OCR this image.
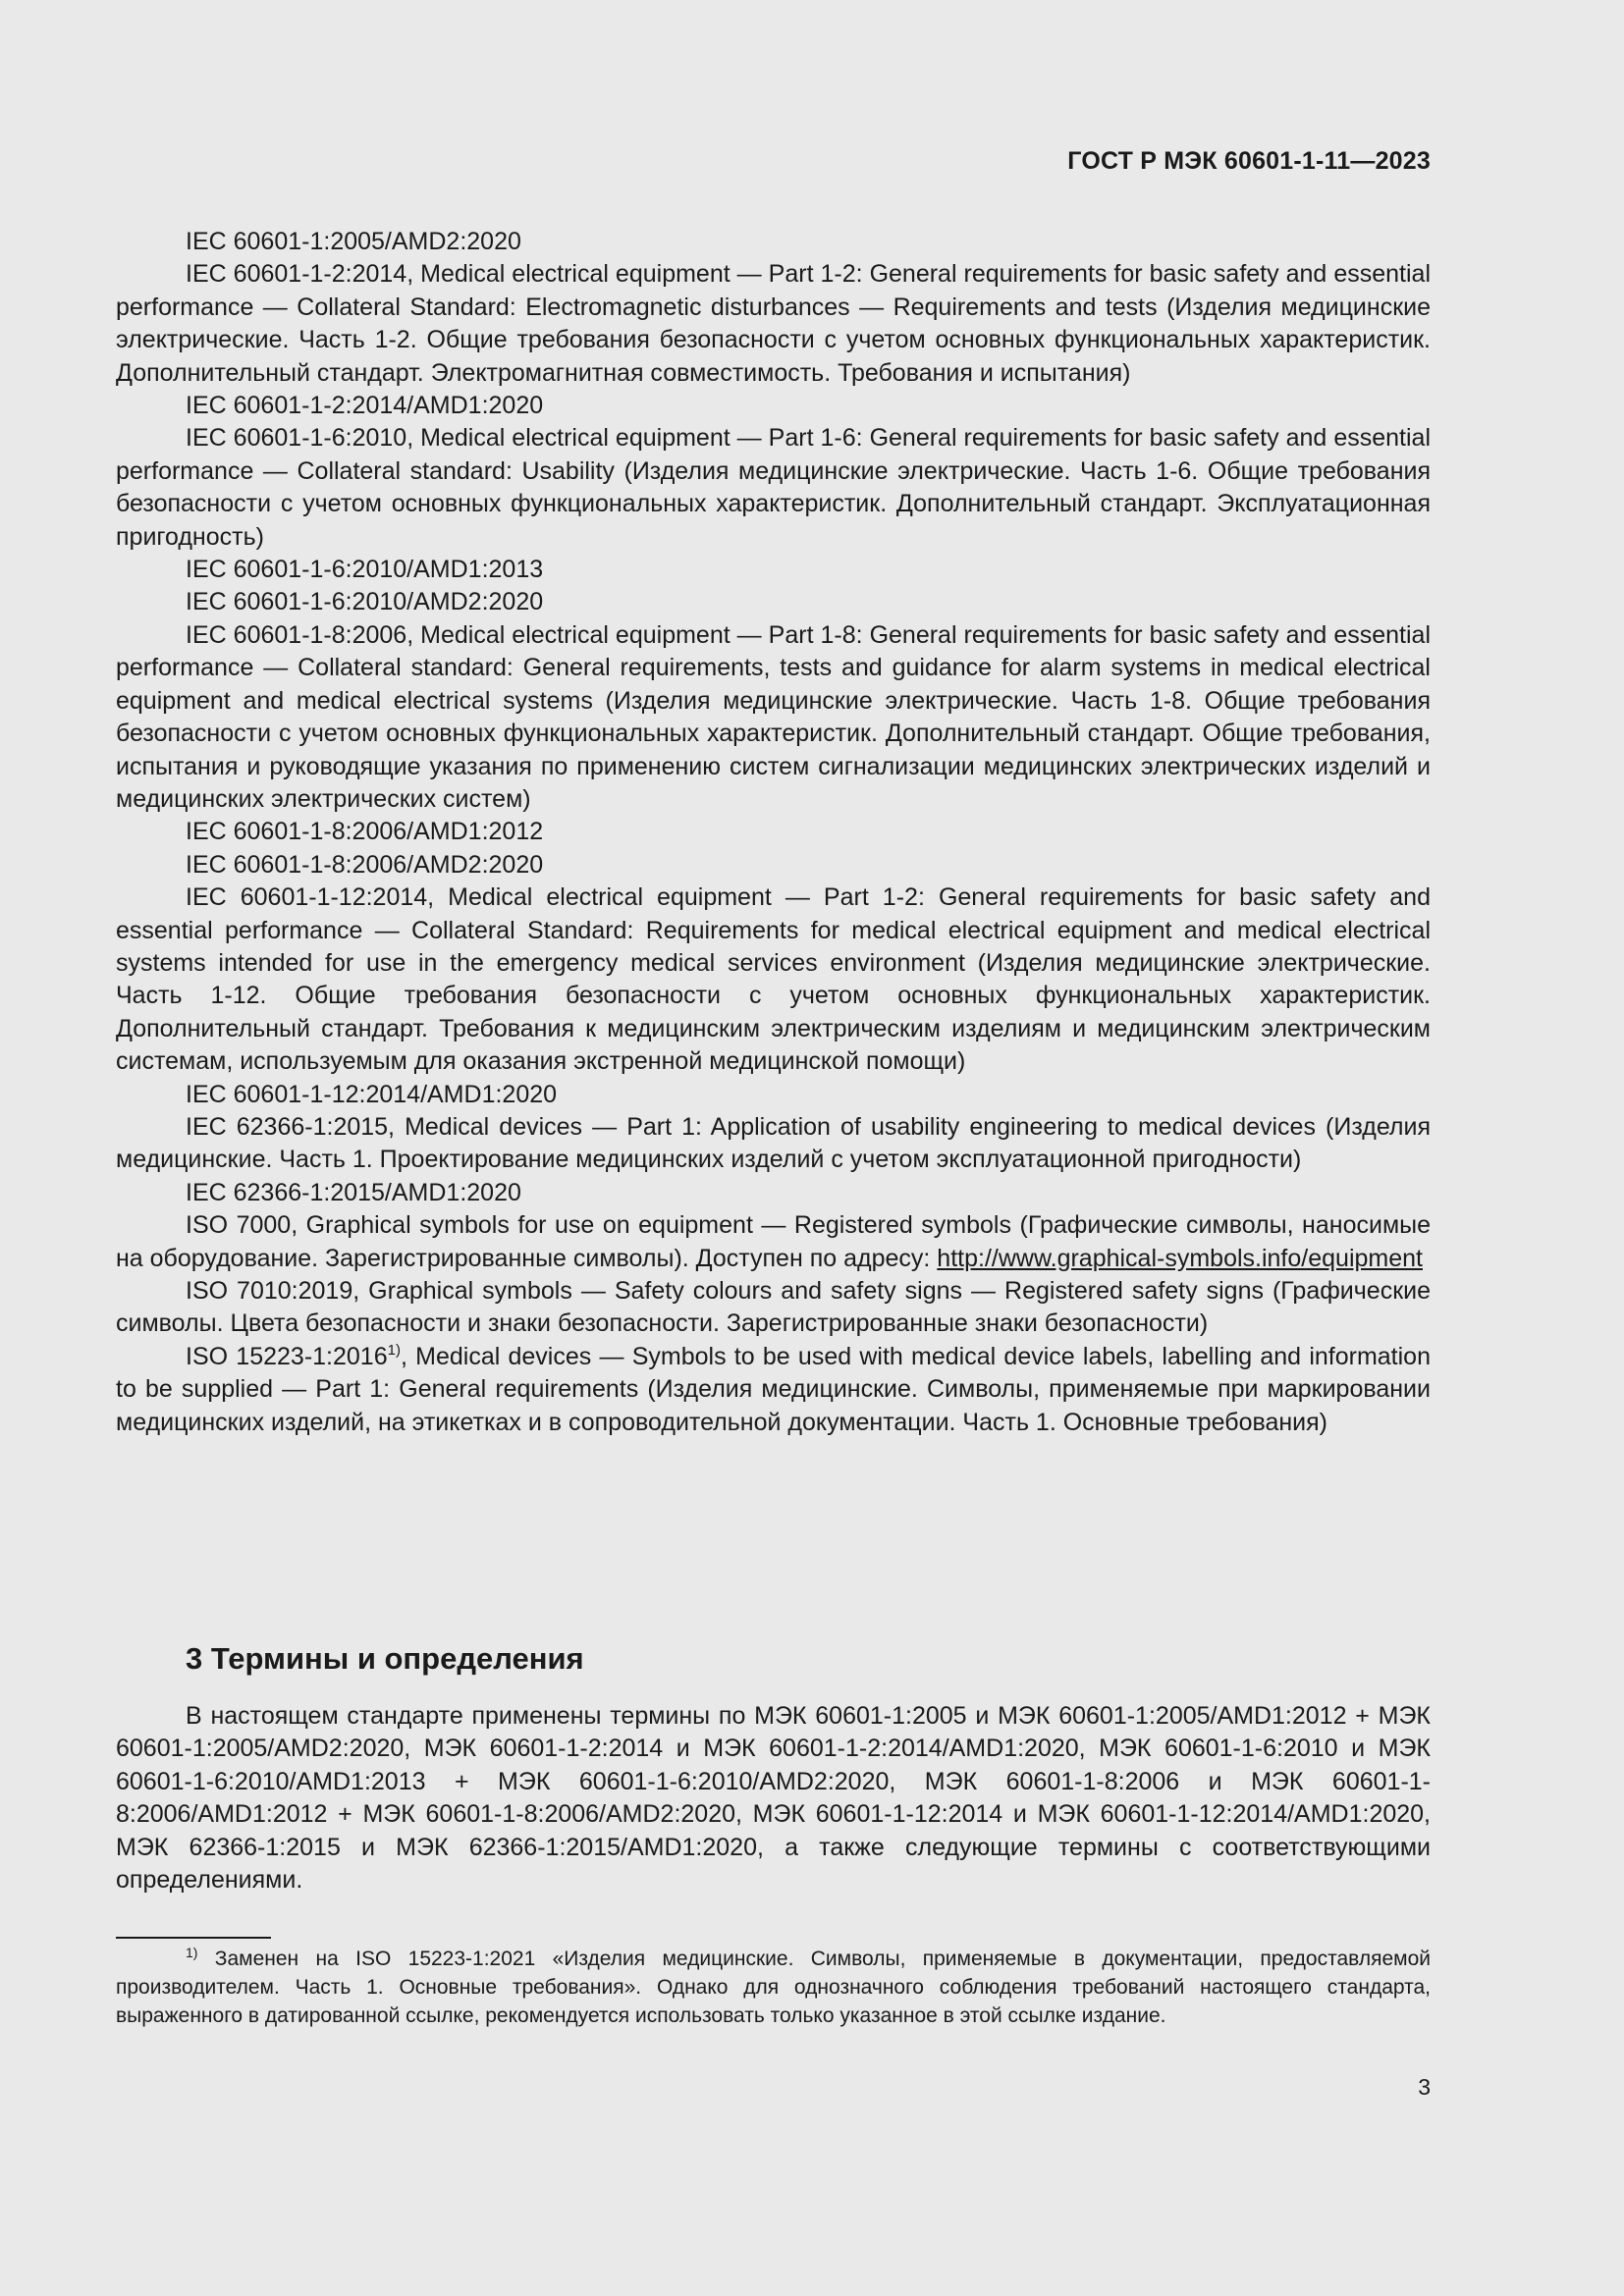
ГОСТ Р МЭК 60601-1-11—2023

IEC 60601-1:2005/AMD2:2020

IEC 60601-1-2:2014, Medical electrical equipment — Part 1-2: General requirements for basic safety and essential performance — Collateral Standard: Electromagnetic disturbances — Requirements and tests (Изделия медицинские электрические. Часть 1-2. Общие требования безопасности с учетом основных функциональных характеристик. Дополнительный стандарт. Электромагнитная совместимость. Требования и испытания)

IEC 60601-1-2:2014/AMD1:2020

IEC 60601-1-6:2010, Medical electrical equipment — Part 1-6: General requirements for basic safety and essential performance — Collateral standard: Usability (Изделия медицинские электрические. Часть 1-6. Общие требования безопасности с учетом основных функциональных характеристик. Дополнительный стандарт. Эксплуатационная пригодность)

IEC 60601-1-6:2010/AMD1:2013

IEC 60601-1-6:2010/AMD2:2020

IEC 60601-1-8:2006, Medical electrical equipment — Part 1-8: General requirements for basic safety and essential performance — Collateral standard: General requirements, tests and guidance for alarm systems in medical electrical equipment and medical electrical systems (Изделия медицинские электрические. Часть 1-8. Общие требования безопасности с учетом основных функциональных характеристик. Дополнительный стандарт. Общие требования, испытания и руководящие указания по применению систем сигнализации медицинских электрических изделий и медицинских электрических систем)

IEC 60601-1-8:2006/AMD1:2012

IEC 60601-1-8:2006/AMD2:2020

IEC 60601-1-12:2014, Medical electrical equipment — Part 1-2: General requirements for basic safety and essential performance — Collateral Standard: Requirements for medical electrical equipment and medical electrical systems intended for use in the emergency medical services environment (Изделия медицинские электрические. Часть 1-12. Общие требования безопасности с учетом основных функциональных характеристик. Дополнительный стандарт. Требования к медицинским электрическим изделиям и медицинским электрическим системам, используемым для оказания экстренной медицинской помощи)

IEC 60601-1-12:2014/AMD1:2020

IEC 62366-1:2015, Medical devices — Part 1: Application of usability engineering to medical devices (Изделия медицинские. Часть 1. Проектирование медицинских изделий с учетом эксплуатационной пригодности)

IEC 62366-1:2015/AMD1:2020

ISO 7000, Graphical symbols for use on equipment — Registered symbols (Графические символы, наносимые на оборудование. Зарегистрированные символы). Доступен по адресу: http://www.graphical-symbols.info/equipment

ISO 7010:2019, Graphical symbols — Safety colours and safety signs — Registered safety signs (Графические символы. Цвета безопасности и знаки безопасности. Зарегистрированные знаки безопасности)

ISO 15223-1:2016$^{1)}$, Medical devices — Symbols to be used with medical device labels, labelling and information to be supplied — Part 1: General requirements (Изделия медицинские. Символы, применяемые при маркировании медицинских изделий, на этикетках и в сопроводительной документации. Часть 1. Основные требования)

3 Термины и определения

В настоящем стандарте применены термины по МЭК 60601-1:2005 и МЭК 60601-1:2005/AMD1:2012 + МЭК 60601-1:2005/AMD2:2020, МЭК 60601-1-2:2014 и МЭК 60601-1-2:2014/AMD1:2020, МЭК 60601-1-6:2010 и МЭК 60601-1-6:2010/AMD1:2013 + МЭК 60601-1-6:2010/AMD2:2020, МЭК 60601-1-8:2006 и МЭК 60601-1-8:2006/AMD1:2012 + МЭК 60601-1-8:2006/AMD2:2020, МЭК 60601-1-12:2014 и МЭК 60601-1-12:2014/AMD1:2020, МЭК 62366-1:2015 и МЭК 62366-1:2015/AMD1:2020, а также следующие термины с соответствующими определениями.

$^{1)}$ Заменен на ISO 15223-1:2021 «Изделия медицинские. Символы, применяемые в документации, предоставляемой производителем. Часть 1. Основные требования». Однако для однозначного соблюдения требований настоящего стандарта, выраженного в датированной ссылке, рекомендуется использовать только указанное в этой ссылке издание.

3
